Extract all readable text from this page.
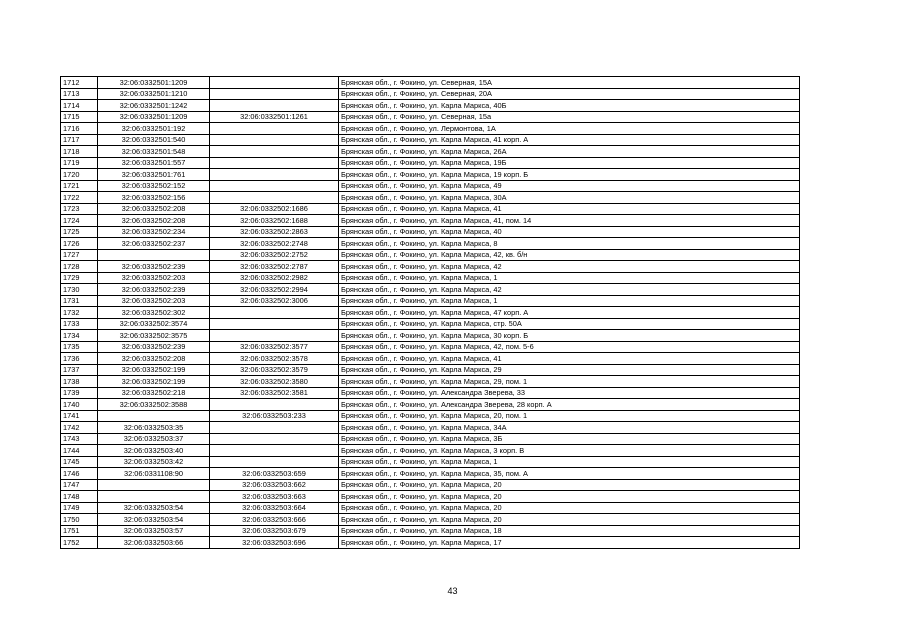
1712	32:06:0332501:1209		Брянская обл., г. Фокино, ул. Северная, 15А
1713	32:06:0332501:1210		Брянская обл., г. Фокино, ул. Северная, 20А
1714	32:06:0332501:1242		Брянская обл., г. Фокино, ул. Карла Маркса, 40Б
1715	32:06:0332501:1209	32:06:0332501:1261	Брянская обл., г. Фокино, ул. Северная, 15а
1716	32:06:0332501:192		Брянская обл., г. Фокино, ул. Лермонтова, 1А
1717	32:06:0332501:540		Брянская обл., г. Фокино, ул. Карла Маркса, 41 корп. А
1718	32:06:0332501:548		Брянская обл., г. Фокино, ул. Карла Маркса, 26А
1719	32:06:0332501:557		Брянская обл., г. Фокино, ул. Карла Маркса, 19Б
1720	32:06:0332501:761		Брянская обл., г. Фокино, ул. Карла Маркса, 19 корп. Б
1721	32:06:0332502:152		Брянская обл., г. Фокино, ул. Карла Маркса, 49
1722	32:06:0332502:156		Брянская обл., г. Фокино, ул. Карла Маркса, 30А
1723	32:06:0332502:208	32:06:0332502:1686	Брянская обл., г. Фокино, ул. Карла Маркса, 41
1724	32:06:0332502:208	32:06:0332502:1688	Брянская обл., г. Фокино, ул. Карла Маркса, 41, пом. 14
1725	32:06:0332502:234	32:06:0332502:2863	Брянская обл., г. Фокино, ул. Карла Маркса, 40
1726	32:06:0332502:237	32:06:0332502:2748	Брянская обл., г. Фокино, ул. Карла Маркса, 8
1727		32:06:0332502:2752	Брянская обл., г. Фокино, ул. Карла Маркса, 42, кв. б/н
1728	32:06:0332502:239	32:06:0332502:2787	Брянская обл., г. Фокино, ул. Карла Маркса, 42
1729	32:06:0332502:203	32:06:0332502:2982	Брянская обл., г. Фокино, ул. Карла Маркса, 1
1730	32:06:0332502:239	32:06:0332502:2994	Брянская обл., г. Фокино, ул. Карла Маркса, 42
1731	32:06:0332502:203	32:06:0332502:3006	Брянская обл., г. Фокино, ул. Карла Маркса, 1
1732	32:06:0332502:302		Брянская обл., г. Фокино, ул. Карла Маркса, 47 корп. А
1733	32:06:0332502:3574		Брянская обл., г. Фокино, ул. Карла Маркса, стр. 50А
1734	32:06:0332502:3575		Брянская обл., г. Фокино, ул. Карла Маркса, 30 корп. Б
1735	32:06:0332502:239	32:06:0332502:3577	Брянская обл., г. Фокино, ул. Карла Маркса, 42, пом. 5-6
1736	32:06:0332502:208	32:06:0332502:3578	Брянская обл., г. Фокино, ул. Карла Маркса, 41
1737	32:06:0332502:199	32:06:0332502:3579	Брянская обл., г. Фокино, ул. Карла Маркса, 29
1738	32:06:0332502:199	32:06:0332502:3580	Брянская обл., г. Фокино, ул. Карла Маркса, 29, пом. 1
1739	32:06:0332502:218	32:06:0332502:3581	Брянская обл., г. Фокино, ул. Александра Зверева, 33
1740	32:06:0332502:3588		Брянская обл., г. Фокино, ул. Александра Зверева, 28 корп. А
1741		32:06:0332503:233	Брянская обл., г. Фокино, ул. Карла Маркса, 20, пом. 1
1742	32:06:0332503:35		Брянская обл., г. Фокино, ул. Карла Маркса, 34А
1743	32:06:0332503:37		Брянская обл., г. Фокино, ул. Карла Маркса, 3Б
1744	32:06:0332503:40		Брянская обл., г. Фокино, ул. Карла Маркса, 3 корп. В
1745	32:06:0332503:42		Брянская обл., г. Фокино, ул. Карла Маркса, 1
1746	32:06:0331108:90	32:06:0332503:659	Брянская обл., г. Фокино, ул. Карла Маркса, 35, пом. А
1747		32:06:0332503:662	Брянская обл., г. Фокино, ул. Карла Маркса, 20
1748		32:06:0332503:663	Брянская обл., г. Фокино, ул. Карла Маркса, 20
1749	32:06:0332503:54	32:06:0332503:664	Брянская обл., г. Фокино, ул. Карла Маркса, 20
1750	32:06:0332503:54	32:06:0332503:666	Брянская обл., г. Фокино, ул. Карла Маркса, 20
1751	32:06:0332503:57	32:06:0332503:679	Брянская обл., г. Фокино, ул. Карла Маркса, 18
1752	32:06:0332503:66	32:06:0332503:696	Брянская обл., г. Фокино, ул. Карла Маркса, 17
43
